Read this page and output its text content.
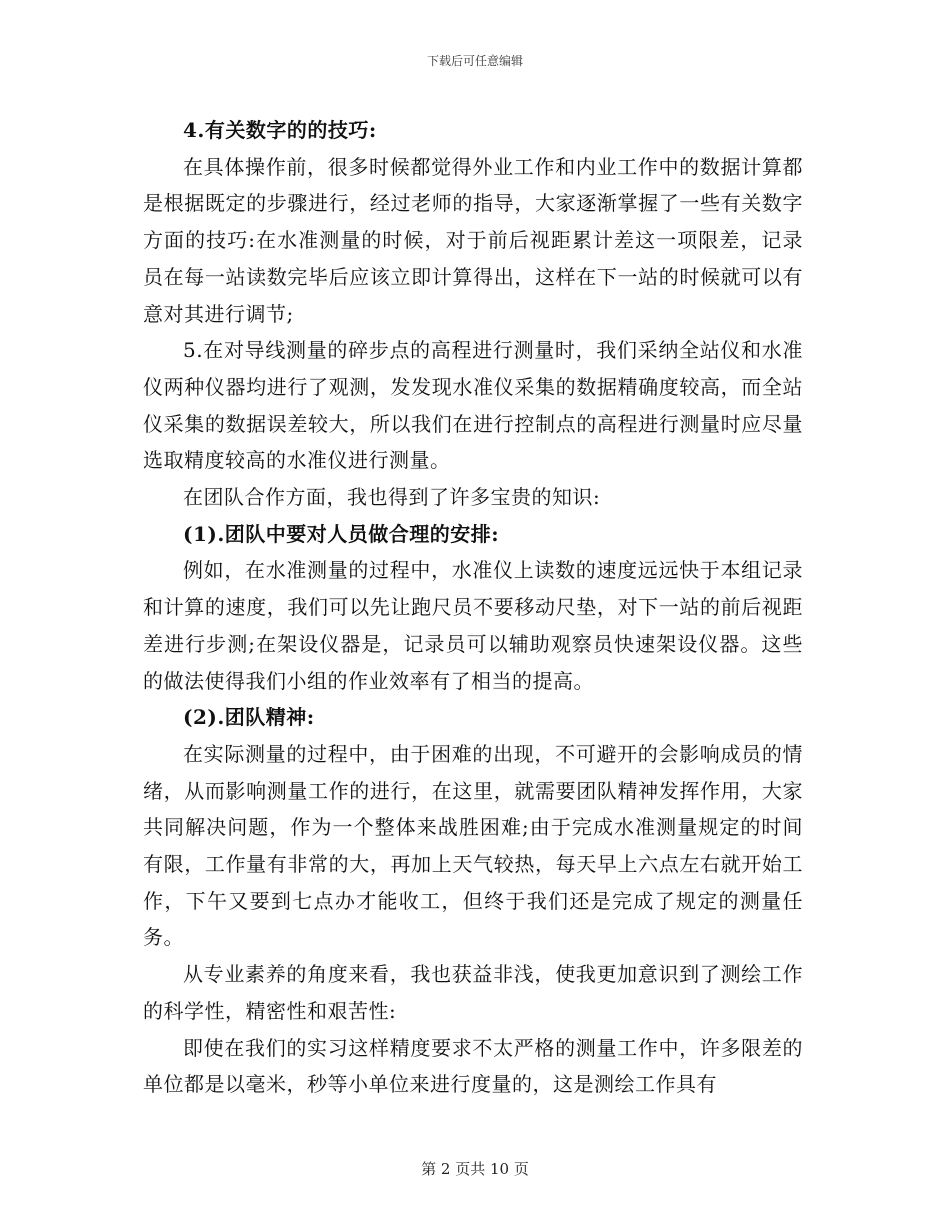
下载后可任意编辑

4.有关数字的的技巧:

在具体操作前，很多时候都觉得外业工作和内业工作中的数据计算都是根据既定的步骤进行，经过老师的指导，大家逐渐掌握了一些有关数字方面的技巧:在水准测量的时候，对于前后视距累计差这一项限差，记录员在每一站读数完毕后应该立即计算得出，这样在下一站的时候就可以有意对其进行调节;

5.在对导线测量的碎步点的高程进行测量时，我们采纳全站仪和水准仪两种仪器均进行了观测，发发现水准仪采集的数据精确度较高，而全站仪采集的数据误差较大，所以我们在进行控制点的高程进行测量时应尽量选取精度较高的水准仪进行测量。

在团队合作方面，我也得到了许多宝贵的知识:

(1).团队中要对人员做合理的安排:

例如，在水准测量的过程中，水准仪上读数的速度远远快于本组记录和计算的速度，我们可以先让跑尺员不要移动尺垫，对下一站的前后视距差进行步测;在架设仪器是，记录员可以辅助观察员快速架设仪器。这些的做法使得我们小组的作业效率有了相当的提高。

(2).团队精神:

在实际测量的过程中，由于困难的出现，不可避开的会影响成员的情绪，从而影响测量工作的进行，在这里，就需要团队精神发挥作用，大家共同解决问题，作为一个整体来战胜困难;由于完成水准测量规定的时间有限，工作量有非常的大，再加上天气较热，每天早上六点左右就开始工作，下午又要到七点办才能收工，但终于我们还是完成了规定的测量任务。

从专业素养的角度来看，我也获益非浅，使我更加意识到了测绘工作的科学性，精密性和艰苦性:

即使在我们的实习这样精度要求不太严格的测量工作中，许多限差的单位都是以毫米，秒等小单位来进行度量的，这是测绘工作具有

第 2 页共 10 页
